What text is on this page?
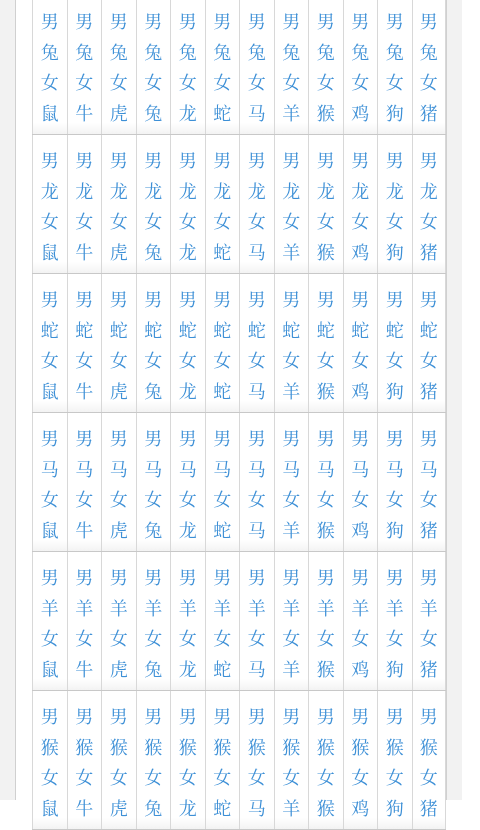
男
兔
女
鼠
男
兔
女
牛
男
兔
女
虎
男
兔
女
兔
男
兔
女
龙
男
兔
女
蛇
男
兔
女
马
男
兔
女
羊
男
兔
女
猴
男
兔
女
鸡
男
兔
女
狗
男
兔
女
猪
男
龙
女
鼠
男
龙
女
牛
男
龙
女
虎
男
龙
女
兔
男
龙
女
龙
男
龙
女
蛇
男
龙
女
马
男
龙
女
羊
男
龙
女
猴
男
龙
女
鸡
男
龙
女
狗
男
龙
女
猪
男
蛇
女
鼠
男
蛇
女
牛
男
蛇
女
虎
男
蛇
女
兔
男
蛇
女
龙
男
蛇
女
蛇
男
蛇
女
马
男
蛇
女
羊
男
蛇
女
猴
男
蛇
女
鸡
男
蛇
女
狗
男
蛇
女
猪
男
马
女
鼠
男
马
女
牛
男
马
女
虎
男
马
女
兔
男
马
女
龙
男
马
女
蛇
男
马
女
马
男
马
女
羊
男
马
女
猴
男
马
女
鸡
男
马
女
狗
男
马
女
猪
男
羊
女
鼠
男
羊
女
牛
男
羊
女
虎
男
羊
女
兔
男
羊
女
龙
男
羊
女
蛇
男
羊
女
马
男
羊
女
羊
男
羊
女
猴
男
羊
女
鸡
男
羊
女
狗
男
羊
女
猪
男
猴
女
鼠
男
猴
女
牛
男
猴
女
虎
男
猴
女
兔
男
猴
女
龙
男
猴
女
蛇
男
猴
女
马
男
猴
女
羊
男
猴
女
猴
男
猴
女
鸡
男
猴
女
狗
男
猴
女
猪
